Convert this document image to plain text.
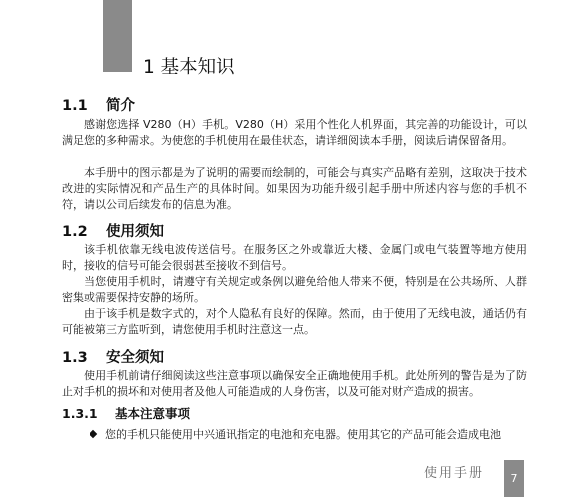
1 基本知识
1.1 简介

感谢您选择 V280（H）手机。V280（H）采用个性化人机界面，其完善的功能设计，可以满足您的多种需求。为使您的手机使用在最佳状态，请详细阅读本手册，阅读后请保留备用。

本手册中的图示都是为了说明的需要而绘制的，可能会与真实产品略有差别，这取决于技术改进的实际情况和产品生产的具体时间。如果因为功能升级引起手册中所述内容与您的手机不符，请以公司后续发布的信息为准。

1.2 使用须知

该手机依靠无线电波传送信号。在服务区之外或靠近大楼、金属门或电气装置等地方使用时，接收的信号可能会很弱甚至接收不到信号。

当您使用手机时，请遵守有关规定或条例以避免给他人带来不便，特别是在公共场所、人群密集或需要保持安静的场所。

由于该手机是数字式的，对个人隐私有良好的保障。然而，由于使用了无线电波，通话仍有可能被第三方监听到，请您使用手机时注意这一点。

1.3 安全须知

使用手机前请仔细阅读这些注意事项以确保安全正确地使用手机。此处所列的警告是为了防止对手机的损坏和对使用者及他人可能造成的人身伤害，以及可能对财产造成的损害。

1.3.1 基本注意事项
您的手机只能使用中兴通讯指定的电池和充电器。使用其它的产品可能会造成电池
使用手册	7
